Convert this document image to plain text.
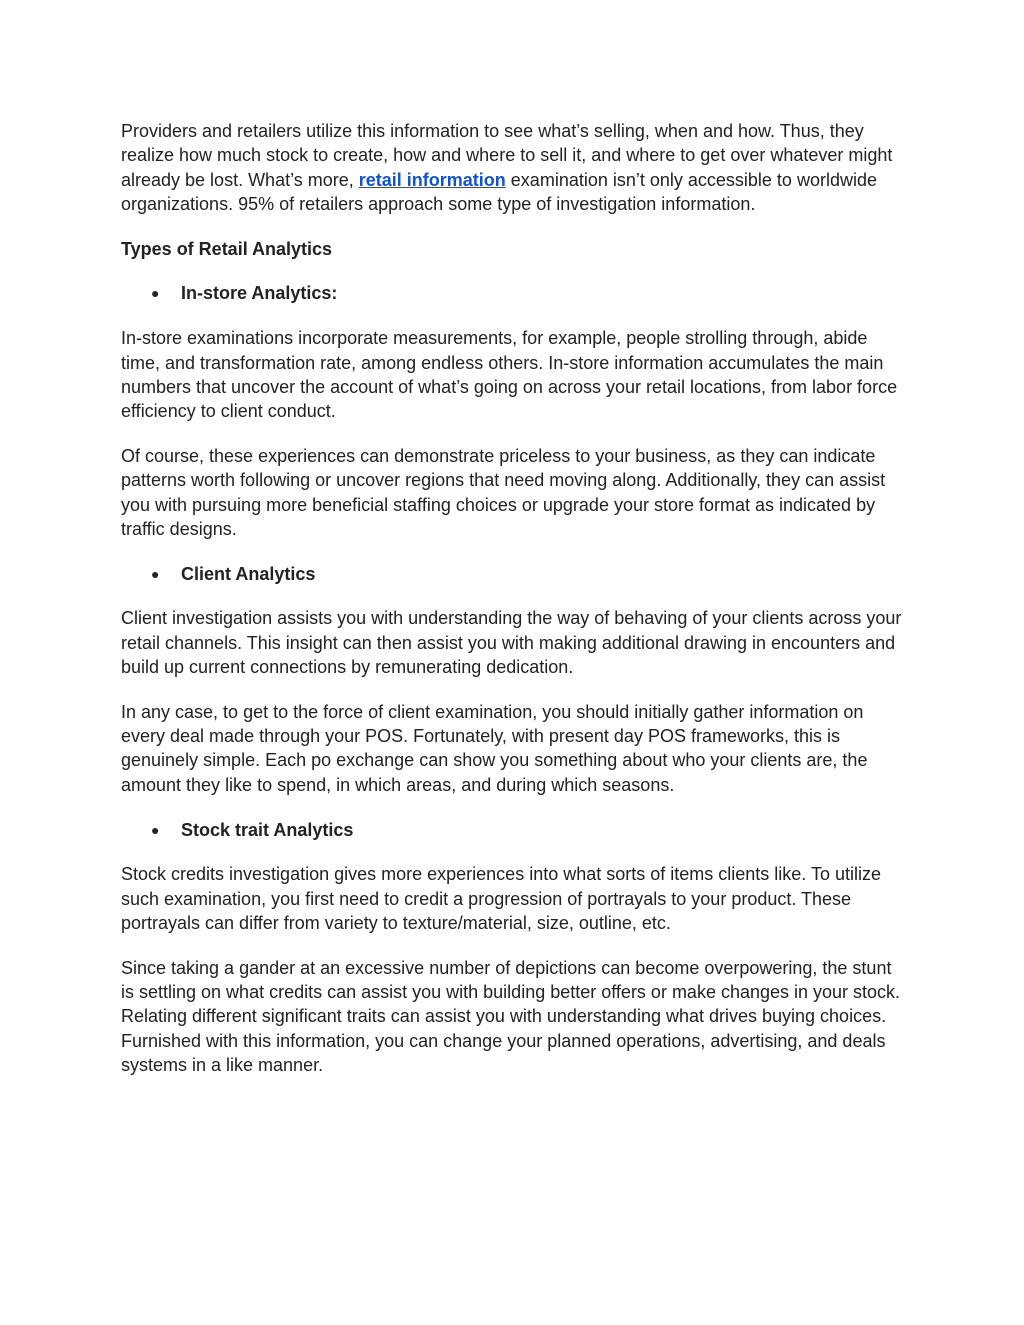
Providers and retailers utilize this information to see what’s selling, when and how. Thus, they realize how much stock to create, how and where to sell it, and where to get over whatever might already be lost. What’s more, retail information examination isn’t only accessible to worldwide organizations. 95% of retailers approach some type of investigation information.

Types of Retail Analytics

● In-store Analytics:

In-store examinations incorporate measurements, for example, people strolling through, abide time, and transformation rate, among endless others. In-store information accumulates the main numbers that uncover the account of what’s going on across your retail locations, from labor force efficiency to client conduct.

Of course, these experiences can demonstrate priceless to your business, as they can indicate patterns worth following or uncover regions that need moving along. Additionally, they can assist you with pursuing more beneficial staffing choices or upgrade your store format as indicated by traffic designs.

● Client Analytics

Client investigation assists you with understanding the way of behaving of your clients across your retail channels. This insight can then assist you with making additional drawing in encounters and build up current connections by remunerating dedication.

In any case, to get to the force of client examination, you should initially gather information on every deal made through your POS. Fortunately, with present day POS frameworks, this is genuinely simple. Each po exchange can show you something about who your clients are, the amount they like to spend, in which areas, and during which seasons.

● Stock trait Analytics

Stock credits investigation gives more experiences into what sorts of items clients like. To utilize such examination, you first need to credit a progression of portrayals to your product. These portrayals can differ from variety to texture/material, size, outline, etc.

Since taking a gander at an excessive number of depictions can become overpowering, the stunt is settling on what credits can assist you with building better offers or make changes in your stock. Relating different significant traits can assist you with understanding what drives buying choices. Furnished with this information, you can change your planned operations, advertising, and deals systems in a like manner.
